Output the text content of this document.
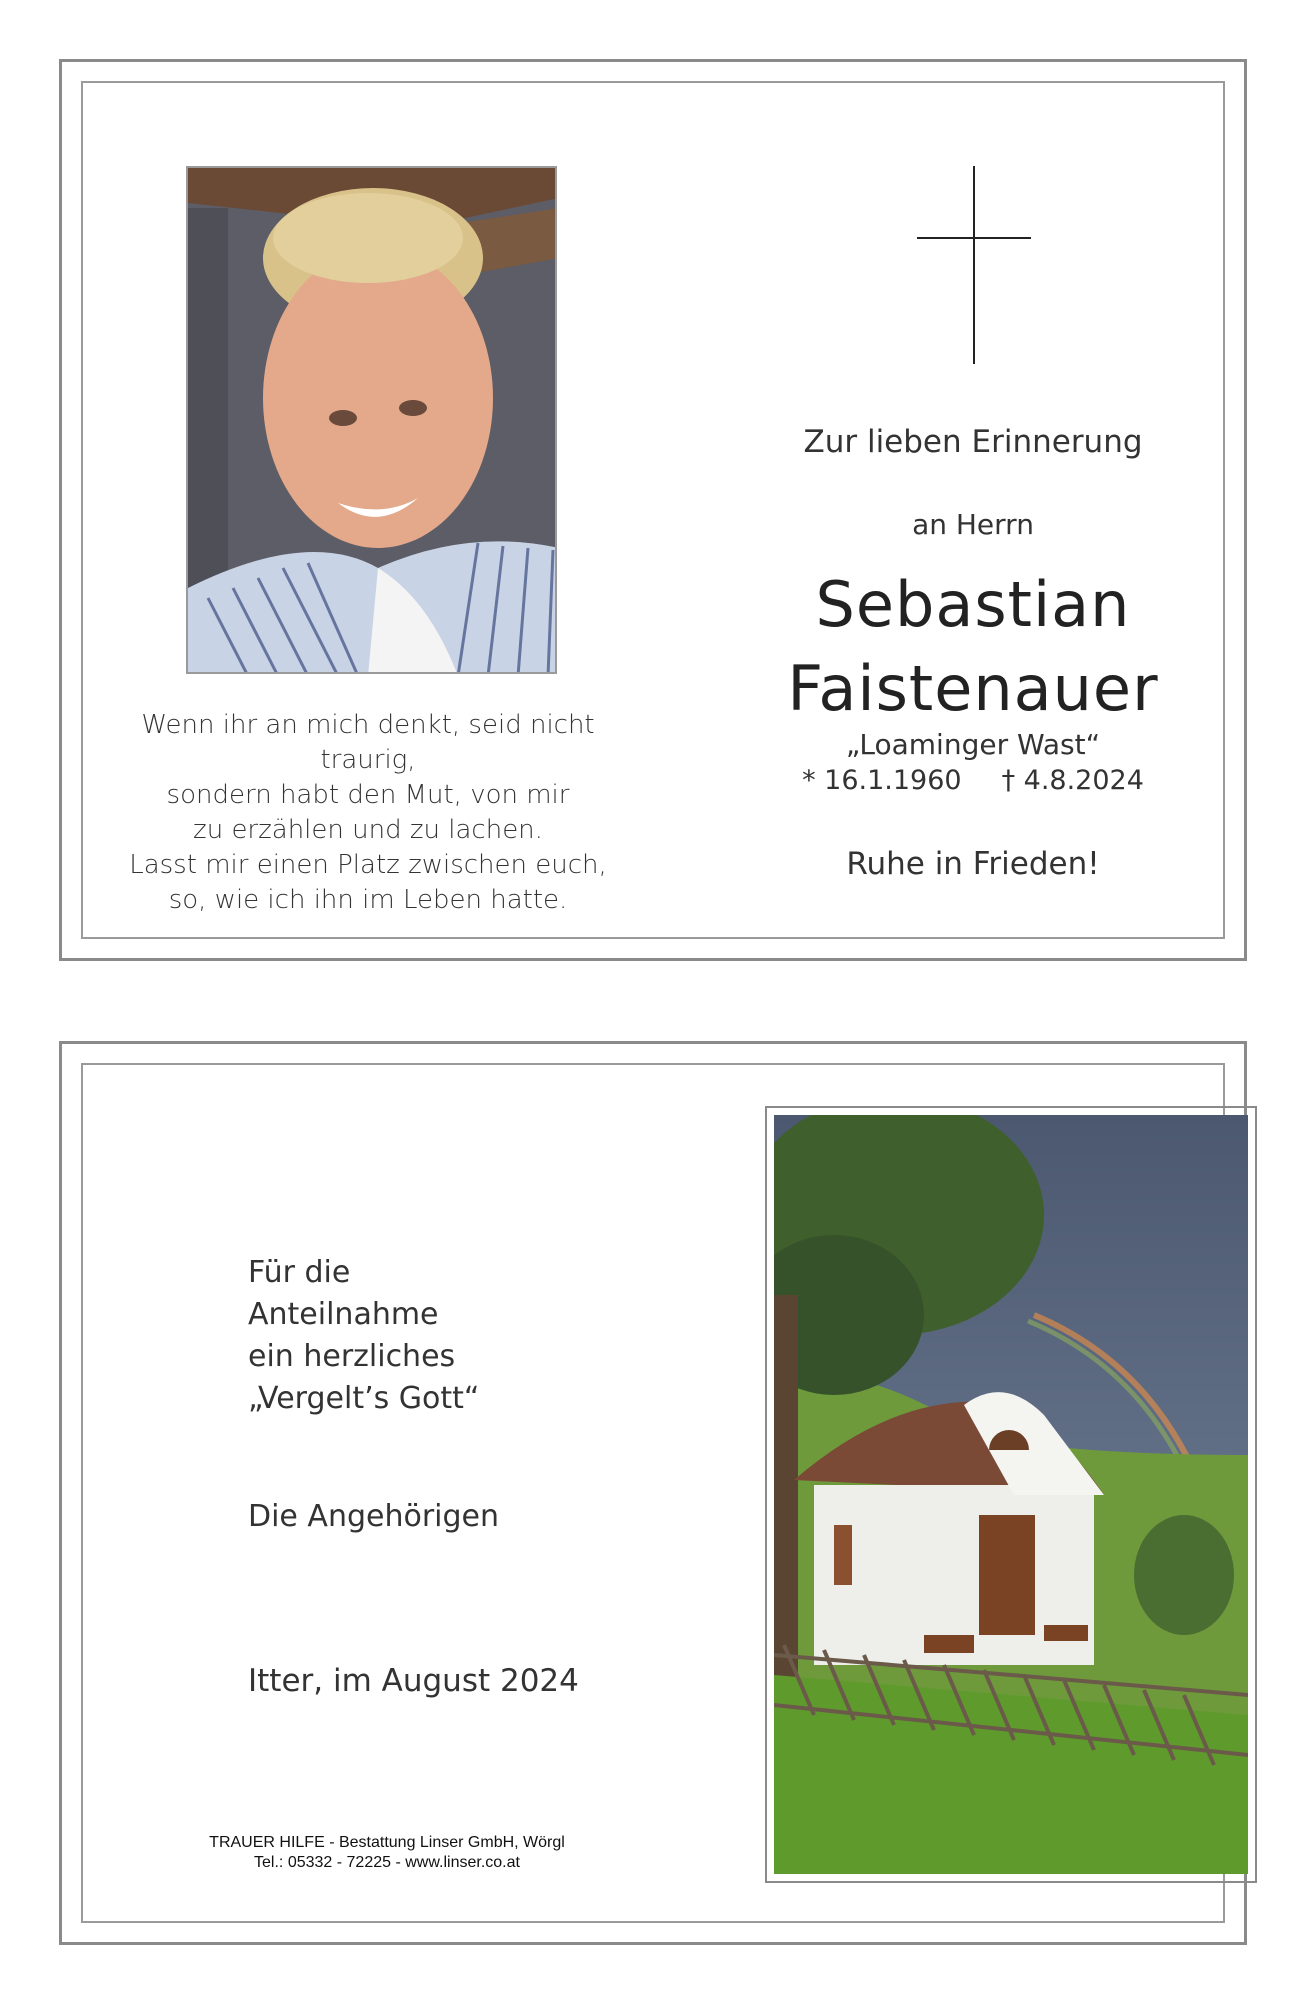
Wenn ihr an mich denkt, seid nicht traurig,
sondern habt den Mut, von mir
zu erzählen und zu lachen.
Lasst mir einen Platz zwischen euch,
so, wie ich ihn im Leben hatte.
Zur lieben Erinnerung
an Herrn
Sebastian
Faistenauer
„Loaminger Wast“
* 16.1.1960 † 4.8.2024
Ruhe in Frieden!
Für die
Anteilnahme
ein herzliches
„Vergelt’s Gott“
Die Angehörigen
Itter, im August 2024
TRAUER HILFE - Bestattung Linser GmbH, Wörgl
Tel.: 05332 - 72225 - www.linser.co.at
